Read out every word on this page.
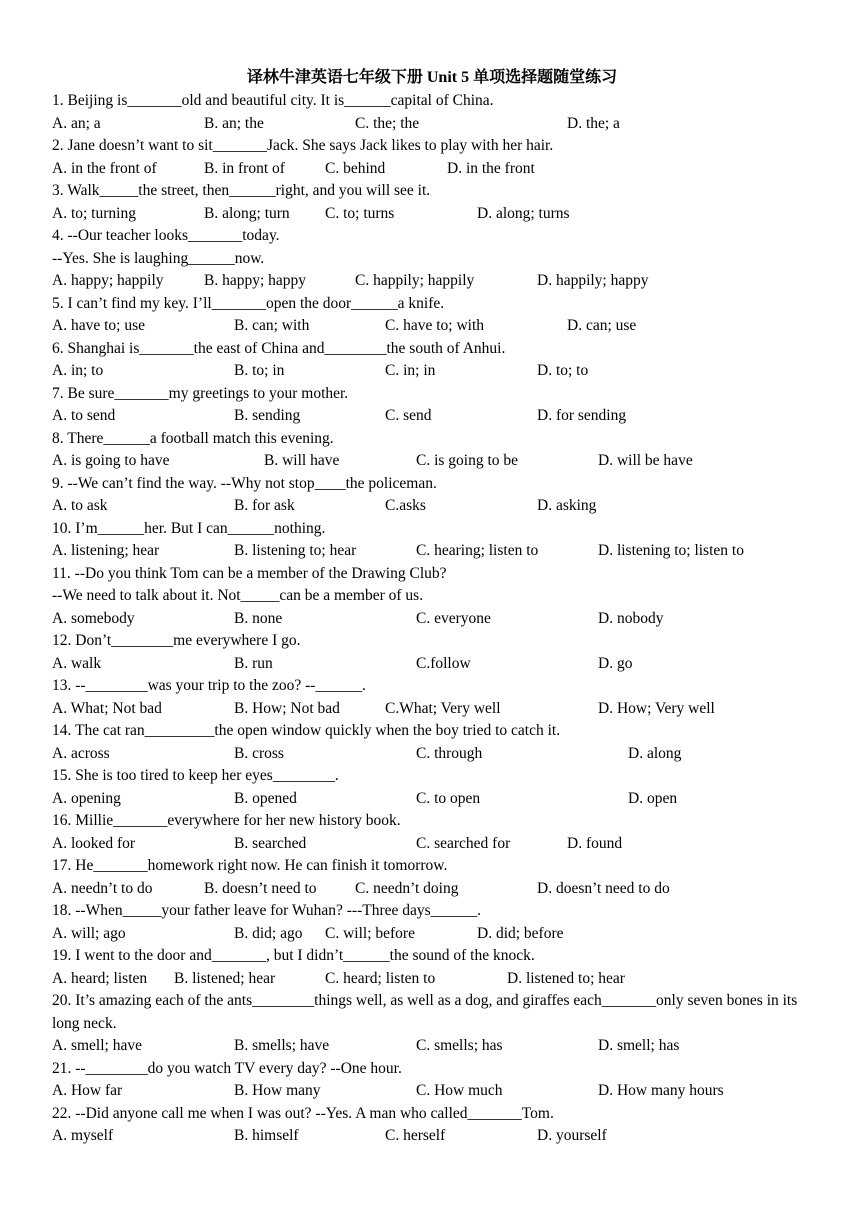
译林牛津英语七年级下册 Unit 5 单项选择题随堂练习
1. Beijing is_______old and beautiful city. It is______capital of China.
A. an; a	B. an; the	C. the; the	D. the; a
2. Jane doesn’t want to sit_______Jack. She says Jack likes to play with her hair.
A. in the front of	B. in front of	C. behind	D. in the front
3. Walk_____the street, then______right, and you will see it.
A. to; turning	B. along; turn C. to; turns	D. along; turns
4. --Our teacher looks_______today.
--Yes. She is laughing______now.
A. happy; happily	B. happy; happy	C. happily; happily	D. happily; happy
5. I can’t find my key. I’ll_______open the door______a knife.
A. have to; use	B. can; with	C. have to; with	D. can; use
6. Shanghai is_______the east of China and________the south of Anhui.
A. in; to	B. to; in	C. in; in	D. to; to
7. Be sure_______my greetings to your mother.
A. to send	B. sending	C. send	D. for sending
8. There______a football match this evening.
A. is going to have	B. will have	C. is going to be	D. will be have
9. --We can’t find the way. --Why not stop____the policeman.
A. to ask	B. for ask	C.asks	D. asking
10. I’m______her. But I can______nothing.
A. listening; hear	B. listening to; hear	C. hearing; listen to	D. listening to; listen to
11. --Do you think Tom can be a member of the Drawing Club?
--We need to talk about it. Not_____can be a member of us.
A. somebody	B. none	C. everyone	D. nobody
12. Don’t________me everywhere I go.
A. walk	B. run	C.follow	D. go
13. --________was your trip to the zoo? --______.
A. What; Not bad	B. How; Not bad	C.What; Very well	D. How; Very well
14. The cat ran_________the open window quickly when the boy tried to catch it.
A. across	B. cross	C. through	D. along
15. She is too tired to keep her eyes________.
A. opening	B. opened	C. to open	D. open
16. Millie_______everywhere for her new history book.
A. looked for	B. searched	C. searched for	D. found
17. He_______homework right now. He can finish it tomorrow.
A. needn’t to do	B. doesn’t need to C. needn’t doing	D. doesn’t need to do
18. --When_____your father leave for Wuhan? ---Three days______.
A. will; ago	B. did; ago C. will; before	D. did; before
19. I went to the door and_______, but I didn’t______the sound of the knock.
A. heard; listen B. listened; hear	C. heard; listen to	D. listened to; hear
20. It’s amazing each of the ants________things well, as well as a dog, and giraffes each_______only seven bones in its long neck.
A. smell; have	B. smells; have	C. smells; has	D. smell; has
21. --________do you watch TV every day? --One hour.
A. How far	B. How many	C. How much	D. How many hours
22. --Did anyone call me when I was out? --Yes. A man who called_______Tom.
A. myself	B. himself	C. herself	D. yourself
